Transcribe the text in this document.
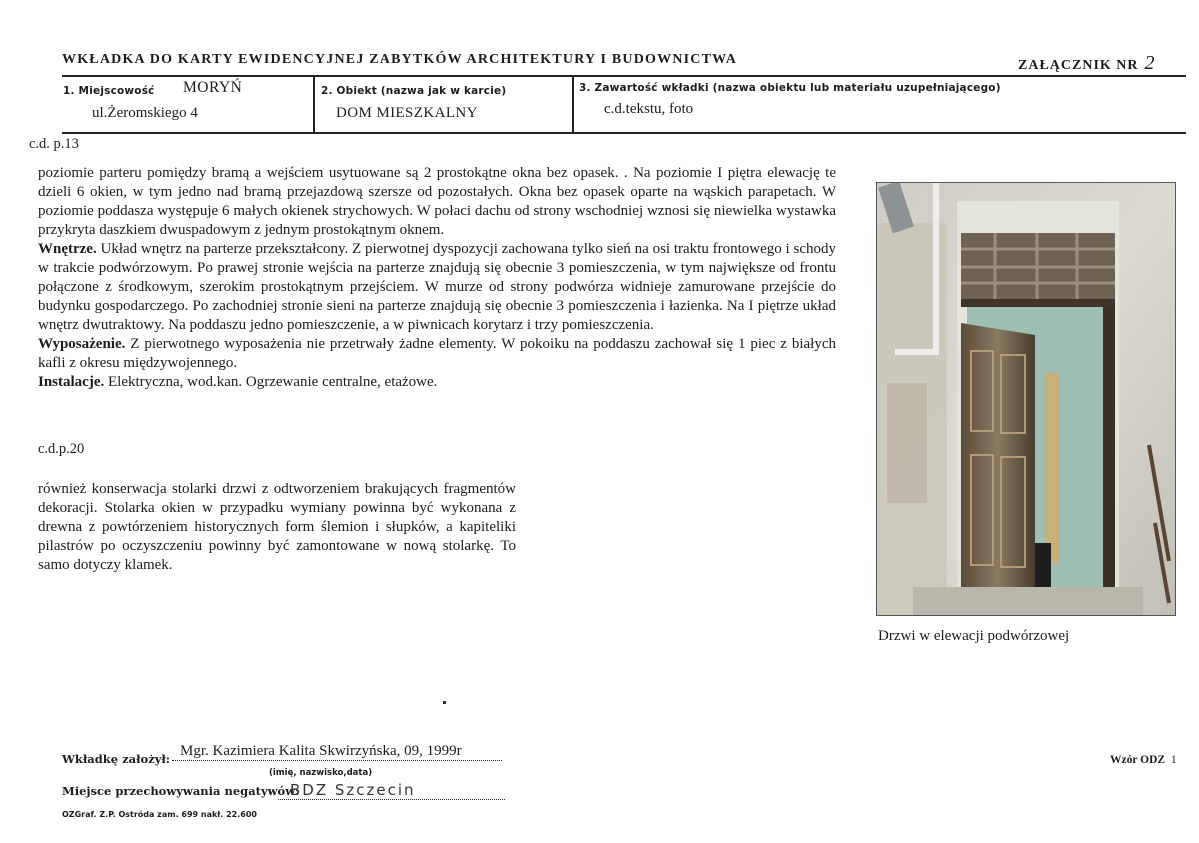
WKŁADKA DO KARTY EWIDENCYJNEJ ZABYTKÓW ARCHITEKTURY I BUDOWNICTWA	ZAŁĄCZNIK NR 2
1. Miejscowość MORYŃ
ul.Żeromskiego 4
2. Obiekt (nazwa jak w karcie)
DOM MIESZKALNY
3. Zawartość wkładki (nazwa obiektu lub materiału uzupełniającego)
c.d.tekstu, foto
c.d. p.13

poziomie parteru pomiędzy bramą a wejściem usytuowane są 2 prostokątne okna bez opasek. . Na poziomie I piętra elewację te dzieli 6 okien, w tym jedno nad bramą przejazdową szersze od pozostałych. Okna bez opasek oparte na wąskich parapetach. W poziomie poddasza występuje 6 małych okienek strychowych. W połaci dachu od strony wschodniej wznosi się niewielka wystawka przykryta daszkiem dwuspadowym z jednym prostokątnym oknem.

Wnętrze. Układ wnętrz na parterze przekształcony. Z pierwotnej dyspozycji zachowana tylko sień na osi traktu frontowego i schody w trakcie podwórzowym. Po prawej stronie wejścia na parterze znajdują się obecnie 3 pomieszczenia, w tym największe od frontu połączone z środkowym, szerokim prostokątnym przejściem. W murze od strony podwórza widnieje zamurowane przejście do budynku gospodarczego. Po zachodniej stronie sieni na parterze znajdują się obecnie 3 pomieszczenia i łazienka. Na I piętrze układ wnętrz dwutraktowy. Na poddaszu jedno pomieszczenie, a w piwnicach korytarz i trzy pomieszczenia.

Wyposażenie. Z pierwotnego wyposażenia nie przetrwały żadne elementy. W pokoiku na poddaszu zachował się 1 piec z białych kafli z okresu międzywojennego.

Instalacje. Elektryczna, wod.kan. Ogrzewanie centralne, etażowe.

c.d.p.20

również konserwacja stolarki drzwi z odtworzeniem brakujących fragmentów dekoracji. Stolarka okien w przypadku wymiany powinna być wykonana z drewna z powtórzeniem historycznych form ślemion i słupków, a kapiteliki pilastrów po oczyszczeniu powinny być zamontowane w nową stolarkę. To samo dotyczy klamek.

Drzwi w elewacji podwórzowej
Wkładkę założył: Mgr. Kazimiera Kalita Skwirzyńska, 09, 1999r
(imię, nazwisko,data)
Miejsce przechowywania negatywów:
BDZ Szczecin
OZGraf. Z.P. Ostróda zam. 699 nakł. 22.600
Wzór ODZ 1
